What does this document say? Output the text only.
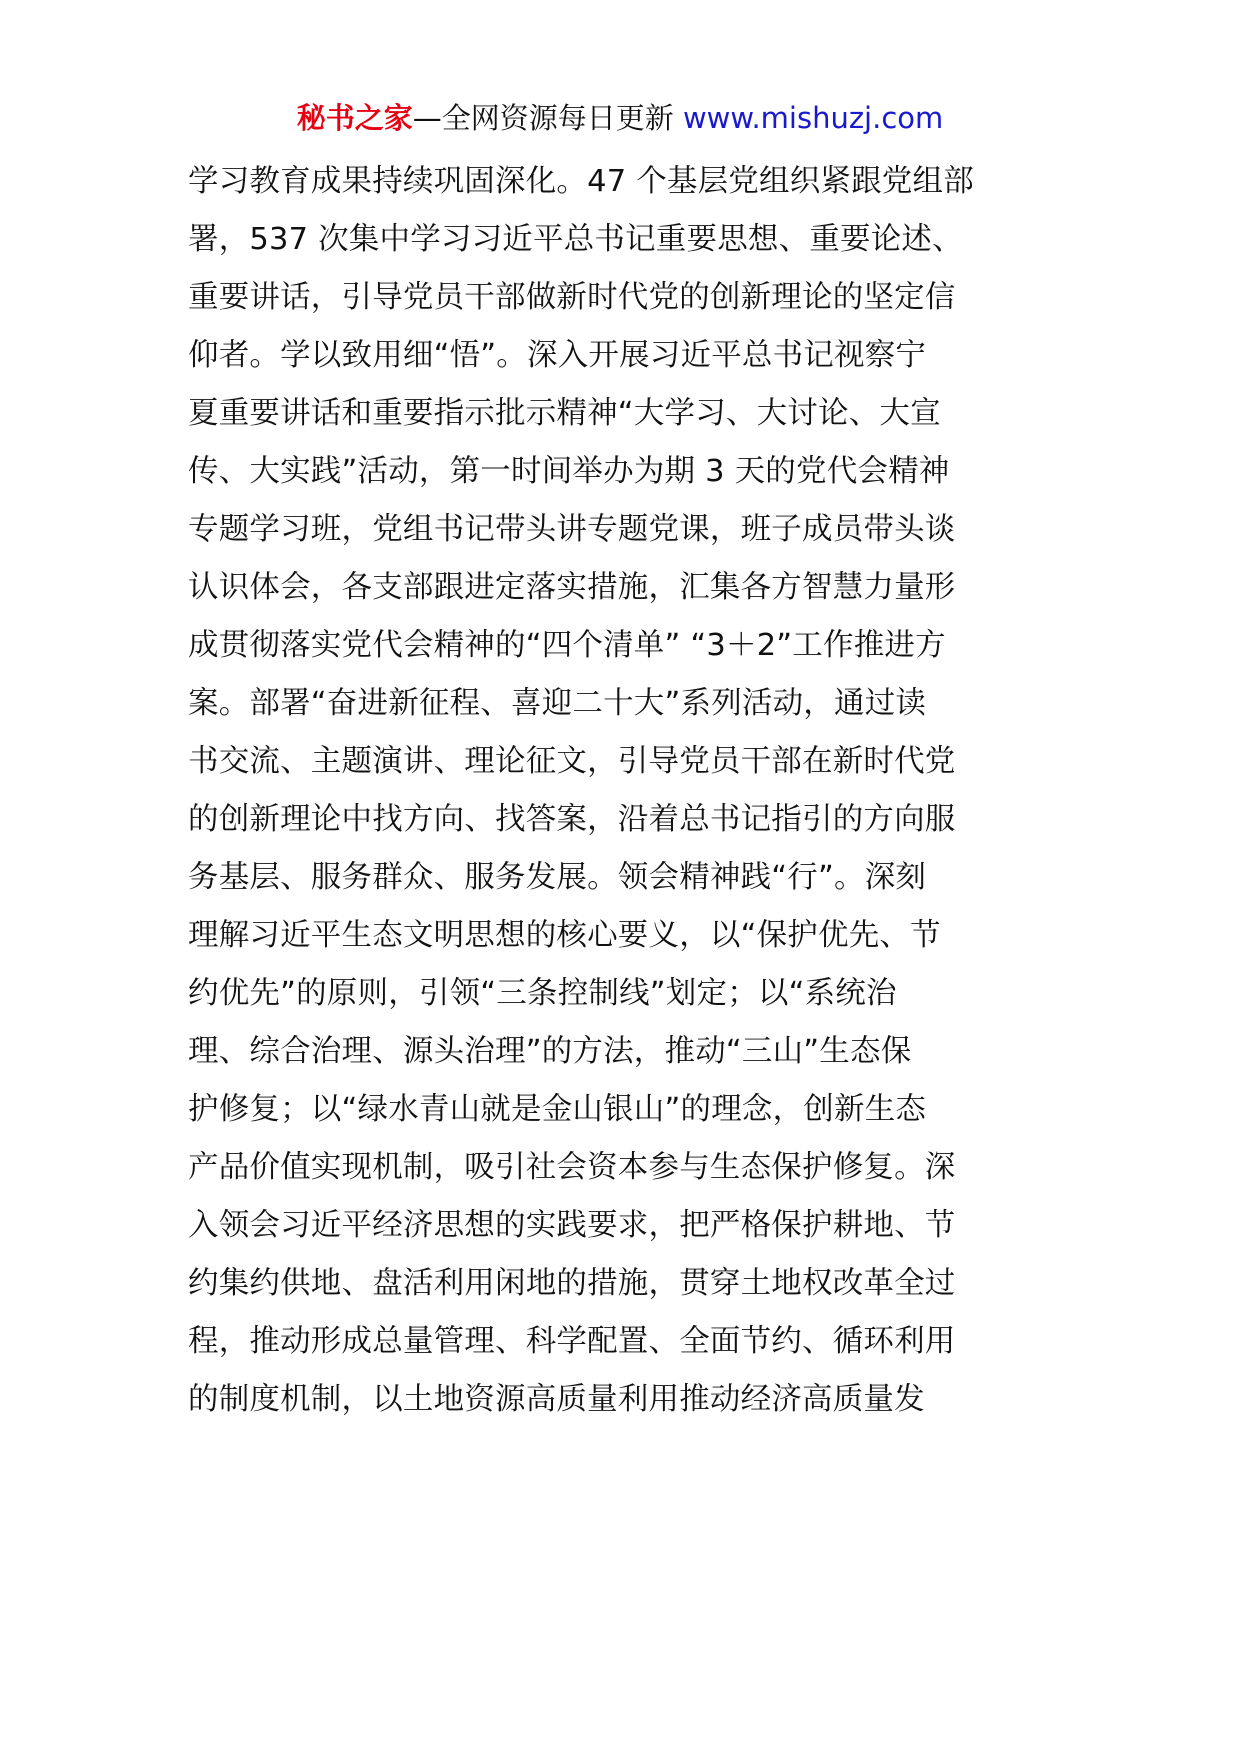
秘书之家—全网资源每日更新 www.mishuzj.com
学习教育成果持续巩固深化。47 个基层党组织紧跟党组部
署，537 次集中学习习近平总书记重要思想、重要论述、
重要讲话，引导党员干部做新时代党的创新理论的坚定信
仰者。学以致用细“悟”。深入开展习近平总书记视察宁
夏重要讲话和重要指示批示精神“大学习、大讨论、大宣
传、大实践”活动，第一时间举办为期 3 天的党代会精神
专题学习班，党组书记带头讲专题党课，班子成员带头谈
认识体会，各支部跟进定落实措施，汇集各方智慧力量形
成贯彻落实党代会精神的“四个清单” “3＋2”工作推进方
案。部署“奋进新征程、喜迎二十大”系列活动，通过读
书交流、主题演讲、理论征文，引导党员干部在新时代党
的创新理论中找方向、找答案，沿着总书记指引的方向服
务基层、服务群众、服务发展。领会精神践“行”。深刻
理解习近平生态文明思想的核心要义，以“保护优先、节
约优先”的原则，引领“三条控制线”划定；以“系统治
理、综合治理、源头治理”的方法，推动“三山”生态保
护修复；以“绿水青山就是金山银山”的理念，创新生态
产品价值实现机制，吸引社会资本参与生态保护修复。深
入领会习近平经济思想的实践要求，把严格保护耕地、节
约集约供地、盘活利用闲地的措施，贯穿土地权改革全过
程，推动形成总量管理、科学配置、全面节约、循环利用
的制度机制，以土地资源高质量利用推动经济高质量发
